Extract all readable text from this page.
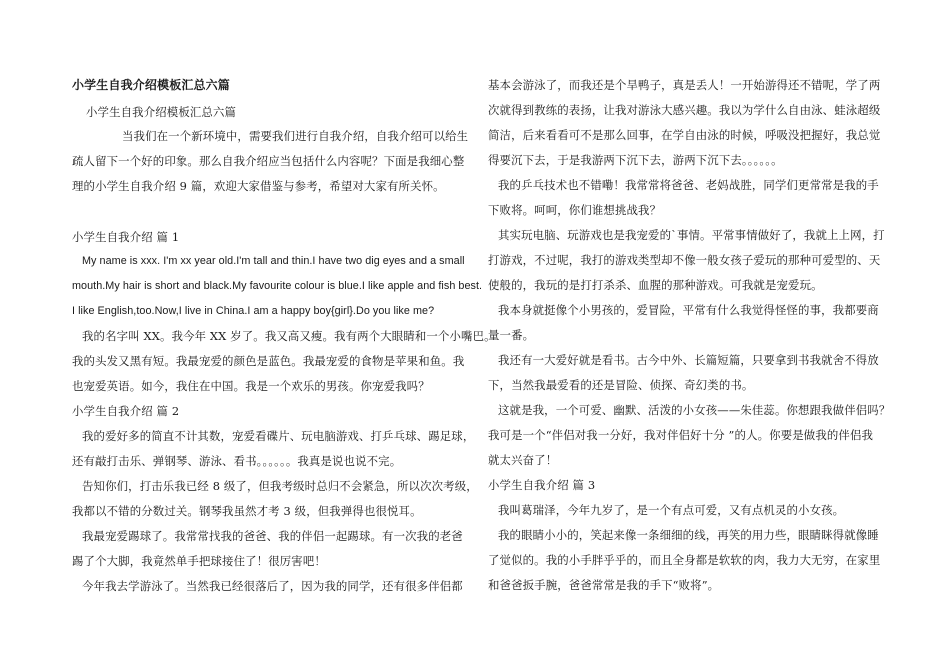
小学生自我介绍模板汇总六篇
小学生自我介绍模板汇总六篇
当我们在一个新环境中，需要我们进行自我介绍，自我介绍可以给生
疏人留下一个好的印象。那么自我介绍应当包括什么内容呢？下面是我细心整
理的小学生自我介绍 9 篇，欢迎大家借鉴与参考，希望对大家有所关怀。
小学生自我介绍 篇 1
My name is xxx. I'm xx year old.I'm tall and thin.I have two dig eyes and a small
mouth.My hair is short and black.My favourite colour is blue.I like apple and fish best.
I like English,too.Now,I live in China.I am a happy boy{girl}.Do you like me?
我的名字叫 XX。我今年 XX 岁了。我又高又瘦。我有两个大眼睛和一个小嘴巴。
我的头发又黑有短。我最宠爱的颜色是蓝色。我最宠爱的食物是苹果和鱼。我
也宠爱英语。如今，我住在中国。我是一个欢乐的男孩。你宠爱我吗？
小学生自我介绍 篇 2
我的爱好多的简直不计其数，宠爱看碟片、玩电脑游戏、打乒乓球、踢足球，
还有敲打击乐、弹钢琴、游泳、看书。。。。。。我真是说也说不完。
告知你们，打击乐我已经 8 级了，但我考级时总归不会紧急，所以次次考级，
我都以不错的分数过关。钢琴我虽然才考 3 级，但我弹得也很悦耳。
我最宠爱踢球了。我常常找我的爸爸、我的伴侣一起踢球。有一次我的老爸
踢了个大脚，我竟然单手把球接住了！很厉害吧！
今年我去学游泳了。当然我已经很落后了，因为我的同学，还有很多伴侣都
基本会游泳了，而我还是个旱鸭子，真是丢人！一开始游得还不错呢，学了两
次就得到教练的表扬，让我对游泳大感兴趣。我以为学什么自由泳、蛙泳超级
简洁，后来看看可不是那么回事，在学自由泳的时候，呼吸没把握好，我总觉
得要沉下去，于是我游两下沉下去，游两下沉下去。。。。。。
我的乒乓技术也不错嘞！我常常将爸爸、老妈战胜，同学们更常常是我的手
下败将。呵呵，你们谁想挑战我？
其实玩电脑、玩游戏也是我宠爱的`事情。平常事情做好了，我就上上网，打
打游戏，不过呢，我打的游戏类型却不像一般女孩子爱玩的那种可爱型的、天
使般的，我玩的是打打杀杀、血腥的那种游戏。可我就是宠爱玩。
我本身就挺像个小男孩的，爱冒险，平常有什么我觉得怪怪的事，我都要商
量一番。
我还有一大爱好就是看书。古今中外、长篇短篇，只要拿到书我就舍不得放
下，当然我最爱看的还是冒险、侦探、奇幻类的书。
这就是我，一个可爱、幽默、活泼的小女孩——朱佳蕊。你想跟我做伴侣吗？
我可是一个“伴侣对我一分好，我对伴侣好十分 ”的人。你要是做我的伴侣我
就太兴奋了！
小学生自我介绍 篇 3
我叫葛瑞泽，今年九岁了，是一个有点可爱，又有点机灵的小女孩。
我的眼睛小小的，笑起来像一条细细的线，再笑的用力些，眼睛眯得就像睡
了觉似的。我的小手胖乎乎的，而且全身都是软软的肉，我力大无穷，在家里
和爸爸扳手腕，爸爸常常是我的手下“败将”。
